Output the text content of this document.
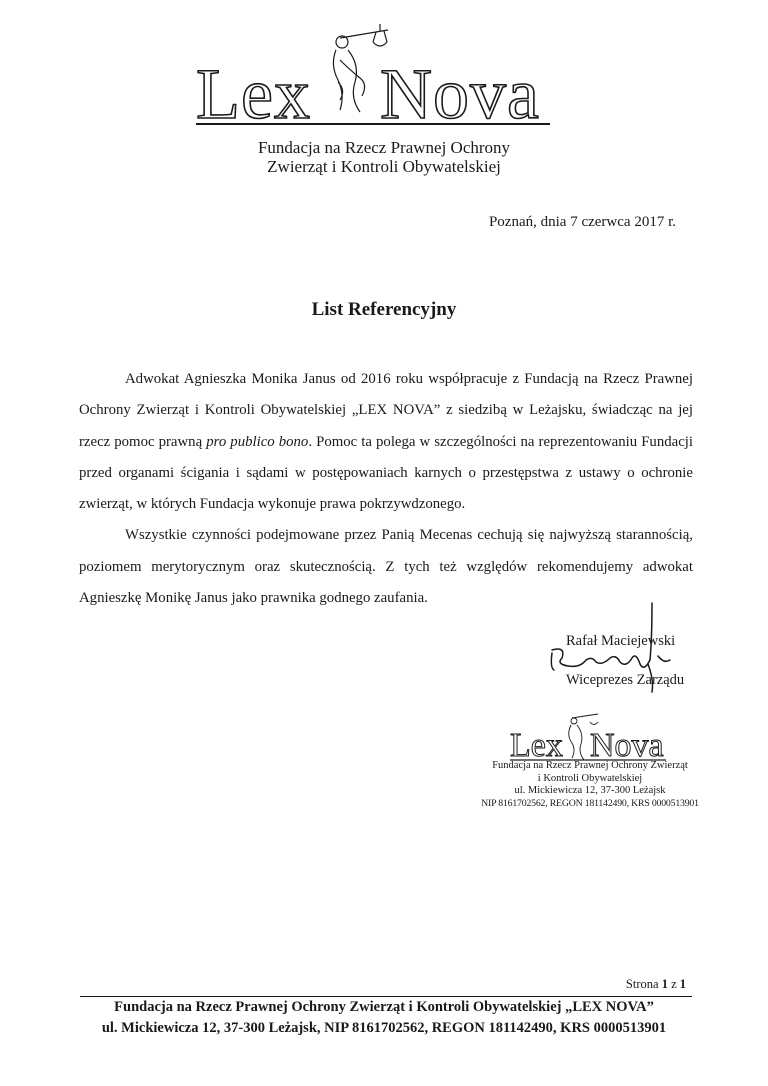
Lex Nova
Fundacja na Rzecz Prawnej Ochrony
Zwierząt i Kontroli Obywatelskiej
Poznań, dnia 7 czerwca 2017 r.
List Referencyjny

Adwokat Agnieszka Monika Janus od 2016 roku współpracuje z Fundacją na Rzecz Prawnej Ochrony Zwierząt i Kontroli Obywatelskiej „LEX NOVA” z siedzibą w Leżajsku, świadcząc na jej rzecz pomoc prawną pro publico bono. Pomoc ta polega w szczególności na reprezentowaniu Fundacji przed organami ścigania i sądami w postępowaniach karnych o przestępstwa z ustawy o ochronie zwierząt, w których Fundacja wykonuje prawa pokrzywdzonego.

Wszystkie czynności podejmowane przez Panią Mecenas cechują się najwyższą starannością, poziomem merytorycznym oraz skutecznością. Z tych też względów rekomendujemy adwokat Agnieszkę Monikę Janus jako prawnika godnego zaufania.

Rafał Maciejewski
Wiceprezes Zarządu
Lex Nova
Fundacja na Rzecz Prawnej Ochrony Zwierząt
i Kontroli Obywatelskiej
ul. Mickiewicza 12, 37-300 Leżajsk
NIP 8161702562, REGON 181142490, KRS 0000513901
Strona 1 z 1
Fundacja na Rzecz Prawnej Ochrony Zwierząt i Kontroli Obywatelskiej „LEX NOVA”
ul. Mickiewicza 12, 37-300 Leżajsk, NIP 8161702562, REGON 181142490, KRS 0000513901
